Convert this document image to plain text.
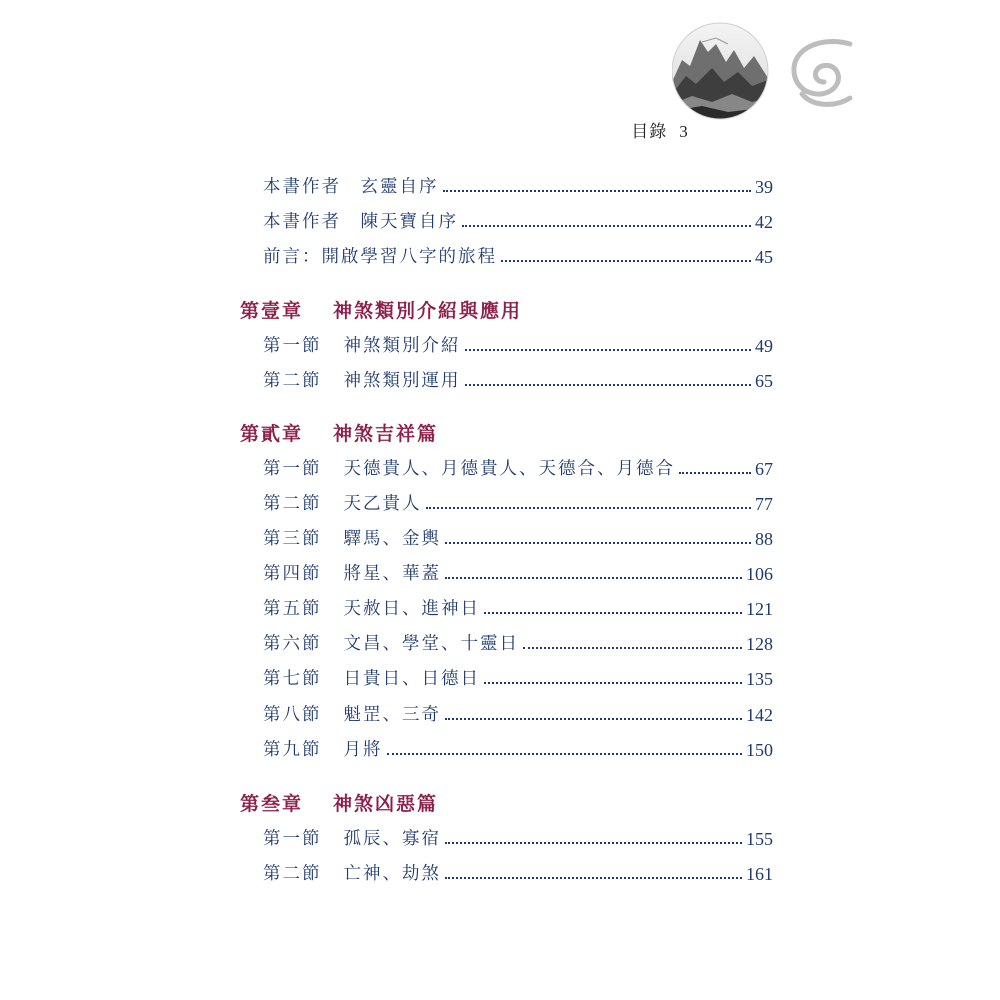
目錄 3
本書作者　玄靈自序	39
本書作者　陳天寶自序	42
前言：開啟學習八字的旅程	45
第壹章 神煞類別介紹與應用
第一節 神煞類別介紹	49
第二節 神煞類別運用	65
第貳章 神煞吉祥篇
第一節 天德貴人、月德貴人、天德合、月德合	67
第二節 天乙貴人	77
第三節 驛馬、金輿	88
第四節 將星、華蓋	106
第五節 天赦日、進神日	121
第六節 文昌、學堂、十靈日	128
第七節 日貴日、日德日	135
第八節 魁罡、三奇	142
第九節 月將	150
第叁章 神煞凶惡篇
第一節 孤辰、寡宿	155
第二節 亡神、劫煞	161
